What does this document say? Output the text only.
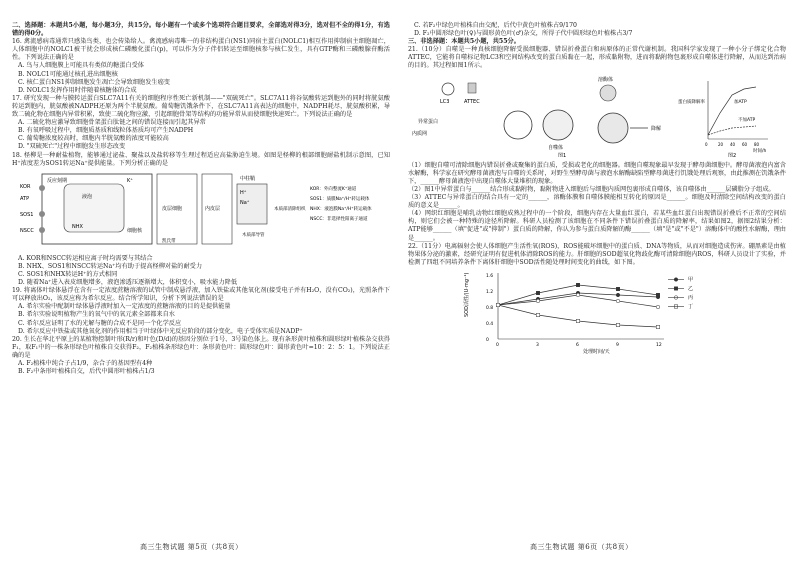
二、选择题：本题共5小题，每小题3分，共15分。每小题有一个或多个选项符合题目要求，全部选对得3分，选对但不全的得1分，有选错的得0分。

16. 禽流感病毒通常只感染鸟类，也会传染给人。禽流感病毒唯一的非结构蛋白(NS1)同宿主蛋白(NOLC1)相互作用抑制宿主细胞凋亡，人体细胞中的NOLC1被干扰会形成核仁磷酸化蛋白(p)，可以作为分子伴侣转运至细胞核参与核仁发生，具有GTP酶和三磷酸腺苷酶活性。下列说法正确的是

A. 鸟与人细胞膜上可能具有类似的糖蛋白受体

B. NOLC1可能通过核孔进出细胞核

C. 核仁蛋白NS1抑制细胞发生凋亡会导致细胞发生癌变

D. NOLC1发挥作用时伴随着核糖体的合成

17. 研究发现一种与膜转运蛋白SLC7A11有关的细胞程序性死亡新机制——"双硫死亡"。SLC7A11将谷氨酸转运到胞外的同时将胱氨酸转运到胞内，胱氨酸被NADPH还原为两个半胱氨酸。葡萄糖饥饿条件下，在SLC7A11高表达的细胞中，NADPH耗尽，胱氨酸积累，导致二硫化物在细胞内异常积累，致使二硫化物应激，引起细胞骨架等结构的功能异常从而使细胞快速死亡。下列说法正确的是

A. 二硫化物应激导致细胞骨架蛋白肽链之间的错误连接而引起其异常

B. 有氧呼吸过程中，细胞质基质和线粒体基质均可产生NADPH

C. 葡萄糖浓度较高时，细胞内半胱氨酸的浓度可能较高

D. "双硫死亡"过程中细胞发生形态改变

18. 柽柳是一种耐盐植物，能够通过泌盐、聚盐以及盐转移等生理过程适应高盐胁迫生境。如图是柽柳的根部细胞耐盐机制示意图，已知H⁺浓度差为SOS1转运Na⁺提供能量。下列分析正确的是

反应刻期
液泡
NHX
KOR
ATP
SOS1
NSCC
皮层细胞	内皮层
H⁺
Na⁺
中柱鞘
木质部导管
凯氏带
本质部清除组织
KOR：外向整流K⁺通道
SOS1：质膜Na⁺/H⁺转运载体
NHX：液泡膜Na⁺/H⁺转运载体
NSCC：非选择性阳离子通道
K⁺
细胞核

A. KOR和NSCC转运相应离子时均需要与其结合

B. NHX、SOS1和NSCC转运Na⁺均有助于提高柽柳对盐的耐受力

C. SOS1和NHX转运H⁺的方式相同

D. 随着Na⁺进入表皮细胞增多，液泡渗透压逐渐增大，体积变小，吸水能力降低

19. 将离体叶绿体悬浮在含有一定浓度蔗糖溶液的试管中制成悬浮液，加入铁盐或其他氧化剂(接受电子并有H₂O，没有CO₂)，光照条件下可以释放出O₂，该反应称为希尔反应。结合所学知识，分析下列说法错误的是

A. 希尔实验中配制叶绿体悬浮液时加入一定浓度的蔗糖溶液的目的是提供能量

B. 希尔实验说明植物产生的氧气中的氧元素全部都来自水

C. 希尔反应证明了水的光解与糖的合成不是同一个化学反应

D. 希尔反应中铁盐或其他氧化剂的作用相当于叶绿体中光反应阶段的部分变化，电子受体实质是NADP⁺

20. 生长在华北平原上的某植物控制叶形(R/r)和叶色(D/d)的基因分别位于1号、3号染色体上。现有条形黄叶植株和圆形绿叶植株杂交获得F₁，取F₁中的一株条形绿色叶植株自交获得F₂，F₂植株条形绿色叶：条形黄色叶：圆形绿色叶：圆形黄色叶=10：2：5：1。下列说法正确的是

A. F₂植株中纯合子占1/9，杂合子的基因型有4种

B. F₂中条形叶植株自交，后代中圆形叶植株占1/3

高三生物试题 第5页（共8页）

C. 若F₂中绿色叶植株自由交配，后代中黄色叶植株占9/170

D. F₂中圆形绿色叶(♀)与圆形黄色叶(♂)杂交，所得子代中圆形绿色叶植株占3/7

三、非选择题：本题共5小题，共55分。

21.（10分）自噬是一种真核细胞降解受损细胞器、错误折叠蛋白和病原体的正常代谢机制。我国科学家发现了一种小分子绑定化合物ATTEC，它能将自噬标记物LC3和空间结构改变的蛋白质黏在一起，形成黏附物，进而将黏附物包裹形成自噬体进行降解，从而达到治病的目的。其过程如图1所示。

LC3	ATTEC
异常蛋白
内质网
自噬体
溶酶体
降解
图1
加ATP
不加ATP
蛋白质降解率
0	20 40 60 80
时间/h
图2

（1）细胞自噬可清除细胞内错误折叠或聚集的蛋白质，受损或老化的细胞器。细胞自噬现象最早发现于酵母菌细胞中。酵母菌液泡内富含水解酶，科学家在研究酵母菌液泡与自噬的关系时，对野生型酵母菌与液泡水解酶缺陷型酵母菌进行饥饿处理后观察，由此推测在饥饿条件下，______酵母菌液泡中出现自噬体大量堆积的现象。

（2）图1中异常蛋白与______结合形成黏附物，黏附物进入细胞后与细胞内质网包裹形成自噬体，该自噬体由______层磷脂分子组成。

（3）ATTEC与异常蛋白的结合具有一定的______，溶酶体膜和自噬体膜能相互转化的原因是______。细胞及时清除空间结构改变的蛋白质的意义是______。

（4）网织红细胞是哺乳动物红细胞成熟过程中的一个阶段，细胞内存在大量血红蛋白，若某些血红蛋白出现错误折叠后不正常的空间结构，则它们会被一种特殊的途径所降解。科研人员检测了该细胞在不同条件下错误折叠蛋白质的降解率，结果如图2，据图2结果分析：ATP能够______（填"促进"或"抑制"）蛋白质的降解，你认为参与蛋白质降解的酶______（填"是"或"不是"）溶酶体中的酸性水解酶，理由是______。

22.（11分）电离辐射会使人体细胞产生活性氧(ROS)，ROS能破坏细胞中的蛋白质、DNA等物质，从而对细胞造成伤害。硼黑素是由植物果体分泌的激素，经研究证明有促进机体清除ROS的能力。肝细胞的SOD超氧化物歧化酶可清除细胞内ROS，科研人员设计了实验，并检测了四组不同培养条件下离体肝细胞中SOD活性随处理时间变化的曲线，如下图。

SOD活性/(U·mg⁻¹)
处理时间/天
0
0.4
0.8
1.2
1.6
0	3	6	9	12
甲
乙
丙
丁
高三生物试题 第6页（共8页）
